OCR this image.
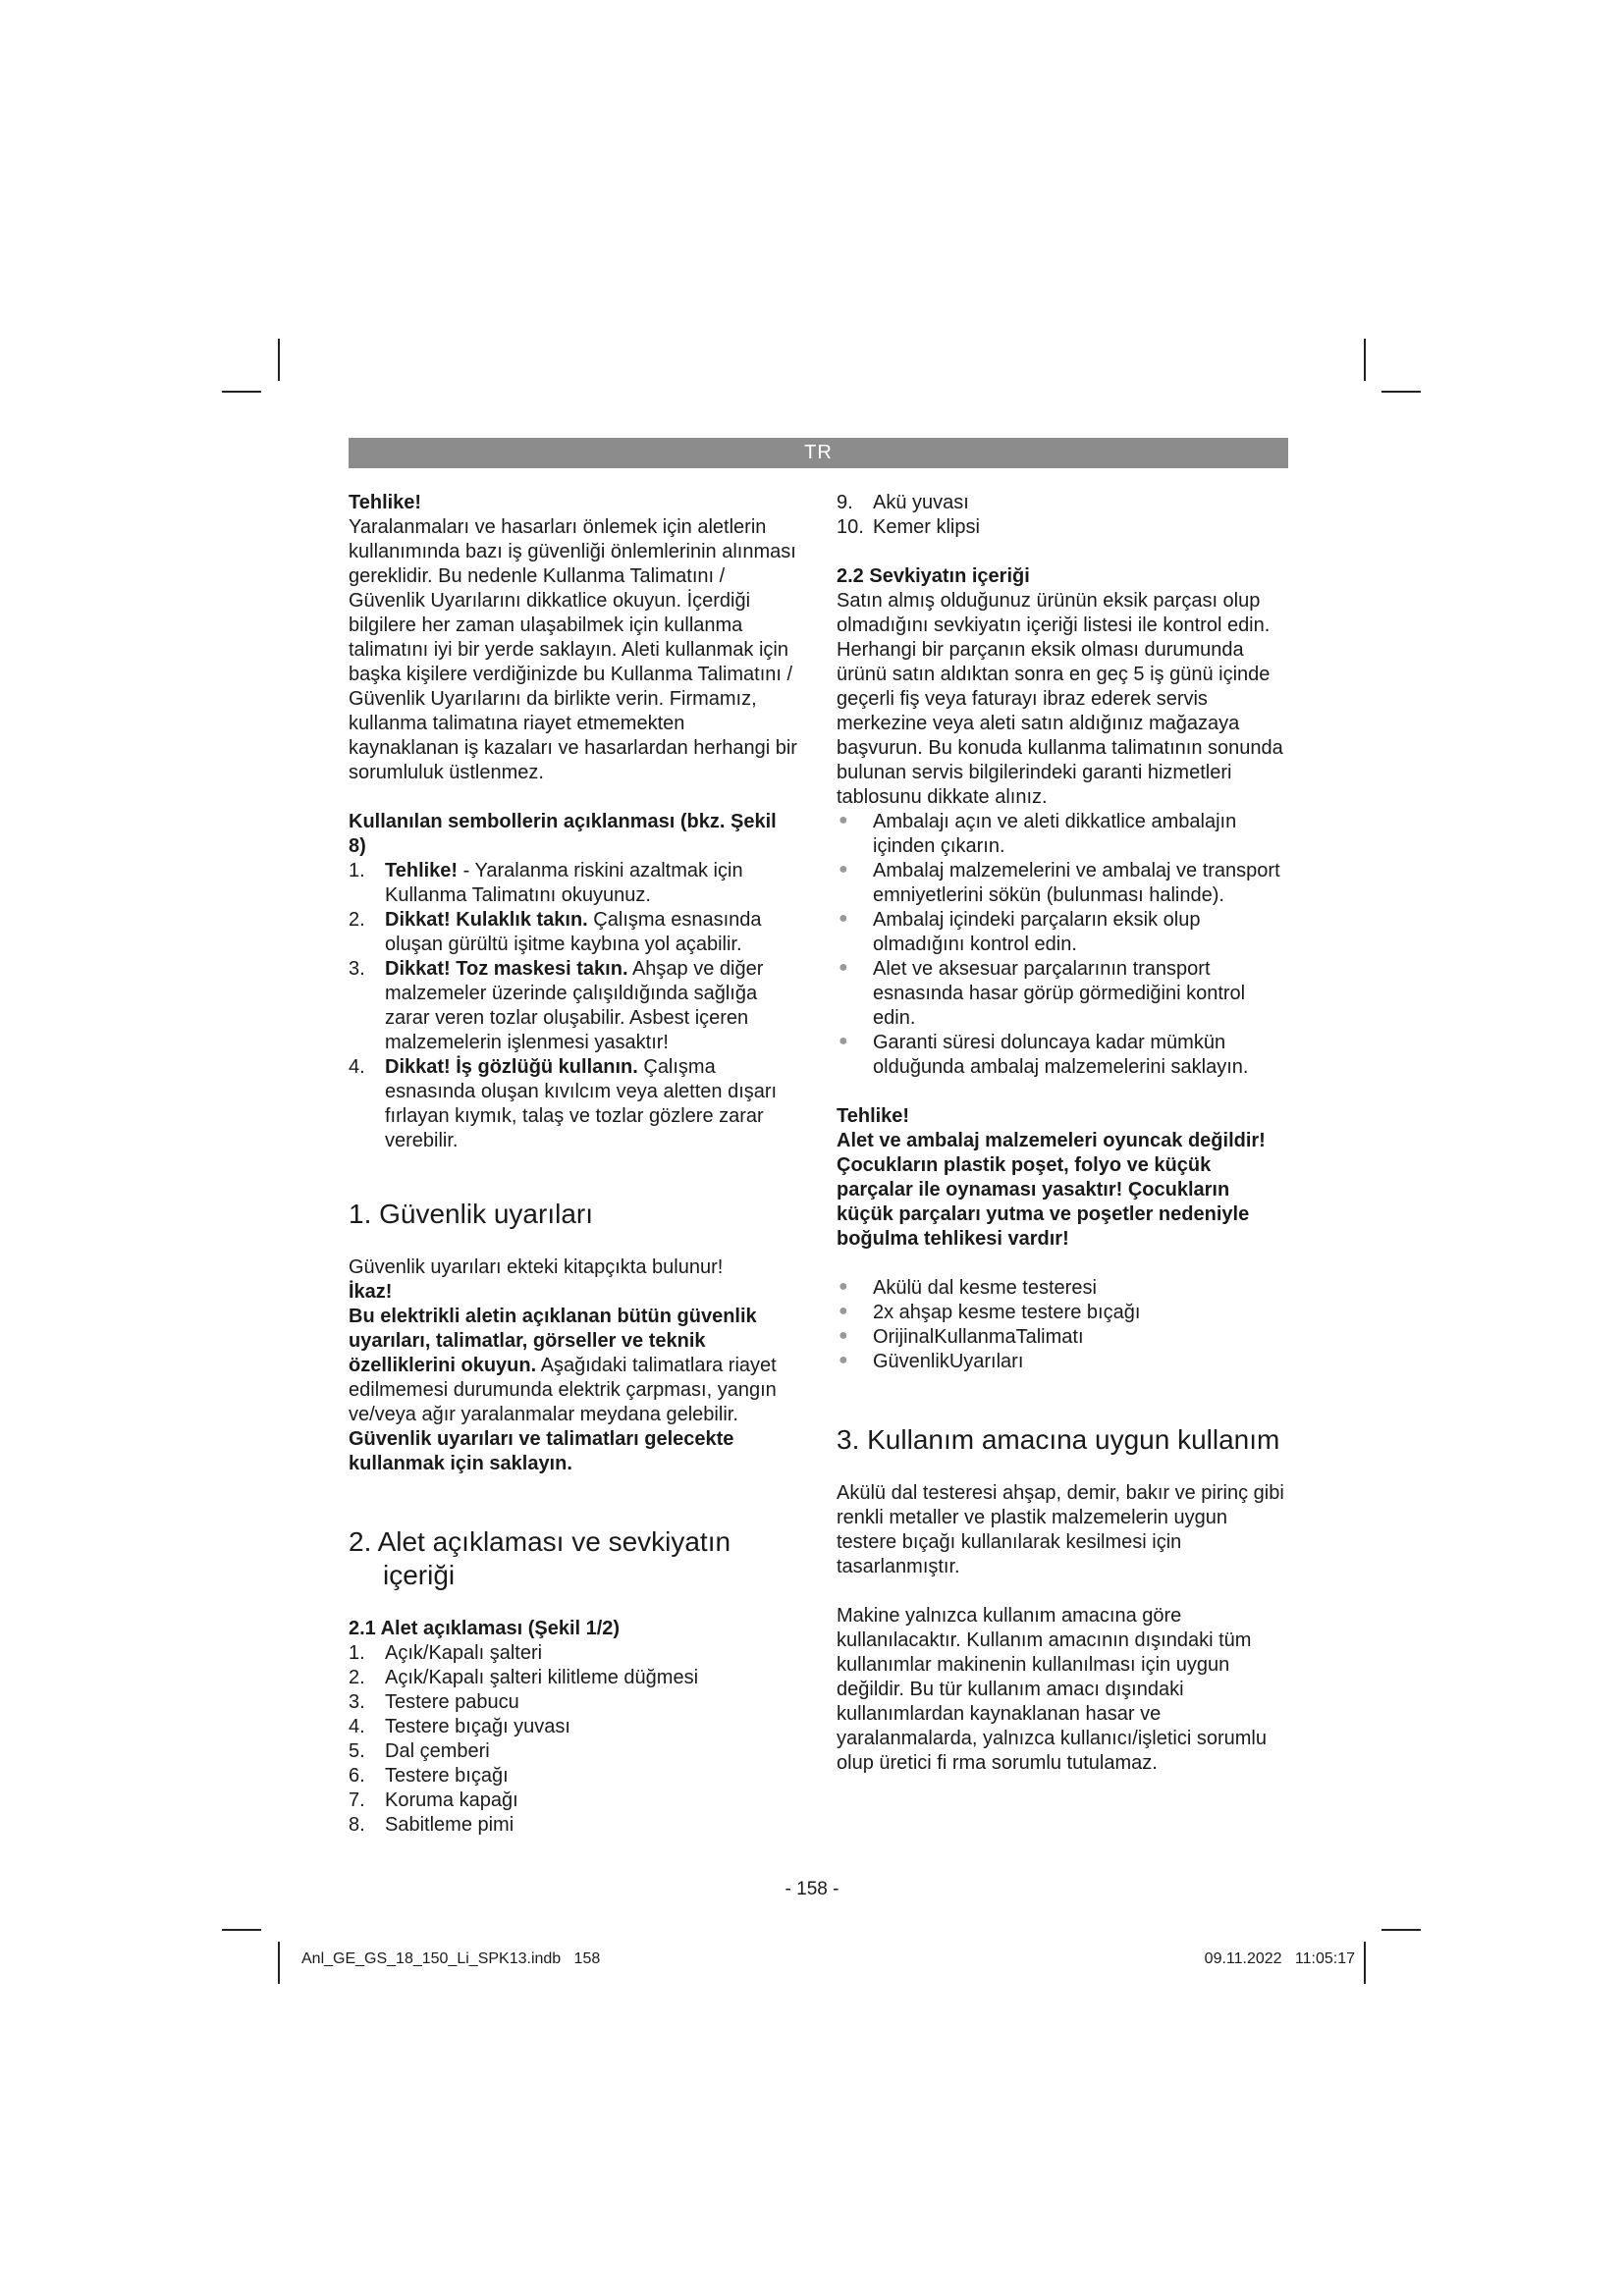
TR

Tehlike!

Yaralanmaları ve hasarları önlemek için aletlerin kullanımında bazı iş güvenliği önlemlerinin alınması gereklidir. Bu nedenle Kullanma Talimatını / Güvenlik Uyarılarını dikkatlice okuyun. İçerdiği bilgilere her zaman ulaşabilmek için kullanma talimatını iyi bir yerde saklayın. Aleti kullanmak için başka kişilere verdiğinizde bu Kullanma Talimatını / Güvenlik Uyarılarını da birlikte verin. Firmamız, kullanma talimatına riayet etmemekten kaynaklanan iş kazaları ve hasarlardan herhangi bir sorumluluk üstlenmez.

Kullanılan sembollerin açıklanması (bkz. Şekil 8)

1.	Tehlike! - Yaralanma riskini azaltmak için Kullanma Talimatını okuyunuz.
2.	Dikkat! Kulaklık takın. Çalışma esnasında oluşan gürültü işitme kaybına yol açabilir.
3.	Dikkat! Toz maskesi takın. Ahşap ve diğer malzemeler üzerinde çalışıldığında sağlığa zarar veren tozlar oluşabilir. Asbest içeren malzemelerin işlenmesi yasaktır!
4.	Dikkat! İş gözlüğü kullanın. Çalışma esnasında oluşan kıvılcım veya aletten dışarı fırlayan kıymık, talaş ve tozlar gözlere zarar verebilir.
1. Güvenlik uyarıları

Güvenlik uyarıları ekteki kitapçıkta bulunur!

İkaz!

Bu elektrikli aletin açıklanan bütün güvenlik uyarıları, talimatlar, görseller ve teknik özelliklerini okuyun. Aşağıdaki talimatlara riayet edilmemesi durumunda elektrik çarpması, yangın ve/veya ağır yaralanmalar meydana gelebilir.

Güvenlik uyarıları ve talimatları gelecekte kullanmak için saklayın.

2. Alet açıklaması ve sevkiyatın içeriği

2.1 Alet açıklaması (Şekil 1/2)

1.	Açık/Kapalı şalteri
2.	Açık/Kapalı şalteri kilitleme düğmesi
3.	Testere pabucu
4.	Testere bıçağı yuvası
5.	Dal çemberi
6.	Testere bıçağı
7.	Koruma kapağı
8.	Sabitleme pimi
9.	Akü yuvası
10. Kemer klipsi

2.2 Sevkiyatın içeriği

Satın almış olduğunuz ürünün eksik parçası olup olmadığını sevkiyatın içeriği listesi ile kontrol edin. Herhangi bir parçanın eksik olması durumunda ürünü satın aldıktan sonra en geç 5 iş günü içinde geçerli fiş veya faturayı ibraz ederek servis merkezine veya aleti satın aldığınız mağazaya başvurun. Bu konuda kullanma talimatının sonunda bulunan servis bilgilerindeki garanti hizmetleri tablosunu dikkate alınız.

●	Ambalajı açın ve aleti dikkatlice ambalajın içinden çıkarın.
●	Ambalaj malzemelerini ve ambalaj ve transport emniyetlerini sökün (bulunması halinde).
●	Ambalaj içindeki parçaların eksik olup olmadığını kontrol edin.
●	Alet ve aksesuar parçalarının transport esnasında hasar görüp görmediğini kontrol edin.
●	Garanti süresi doluncaya kadar mümkün olduğunda ambalaj malzemelerini saklayın.

Tehlike!

Alet ve ambalaj malzemeleri oyuncak değildir! Çocukların plastik poşet, folyo ve küçük parçalar ile oynaması yasaktır! Çocukların küçük parçaları yutma ve poşetler nedeniyle boğulma tehlikesi vardır!

●	Akülü dal kesme testeresi
●	2x ahşap kesme testere bıçağı
●	OrijinalKullanmaTalimatı
●	GüvenlikUyarıları
3. Kullanım amacına uygun kullanım

Akülü dal testeresi ahşap, demir, bakır ve pirinç gibi renkli metaller ve plastik malzemelerin uygun testere bıçağı kullanılarak kesilmesi için tasarlanmıştır.

Makine yalnızca kullanım amacına göre kullanılacaktır. Kullanım amacının dışındaki tüm kullanımlar makinenin kullanılması için uygun değildir. Bu tür kullanım amacı dışındaki kullanımlardan kaynaklanan hasar ve yaralanmalarda, yalnızca kullanıcı/işletici sorumlu olup üretici fi rma sorumlu tutulamaz.

- 158 -
Anl_GE_GS_18_150_Li_SPK13.indb   158	09.11.2022   11:05:17
